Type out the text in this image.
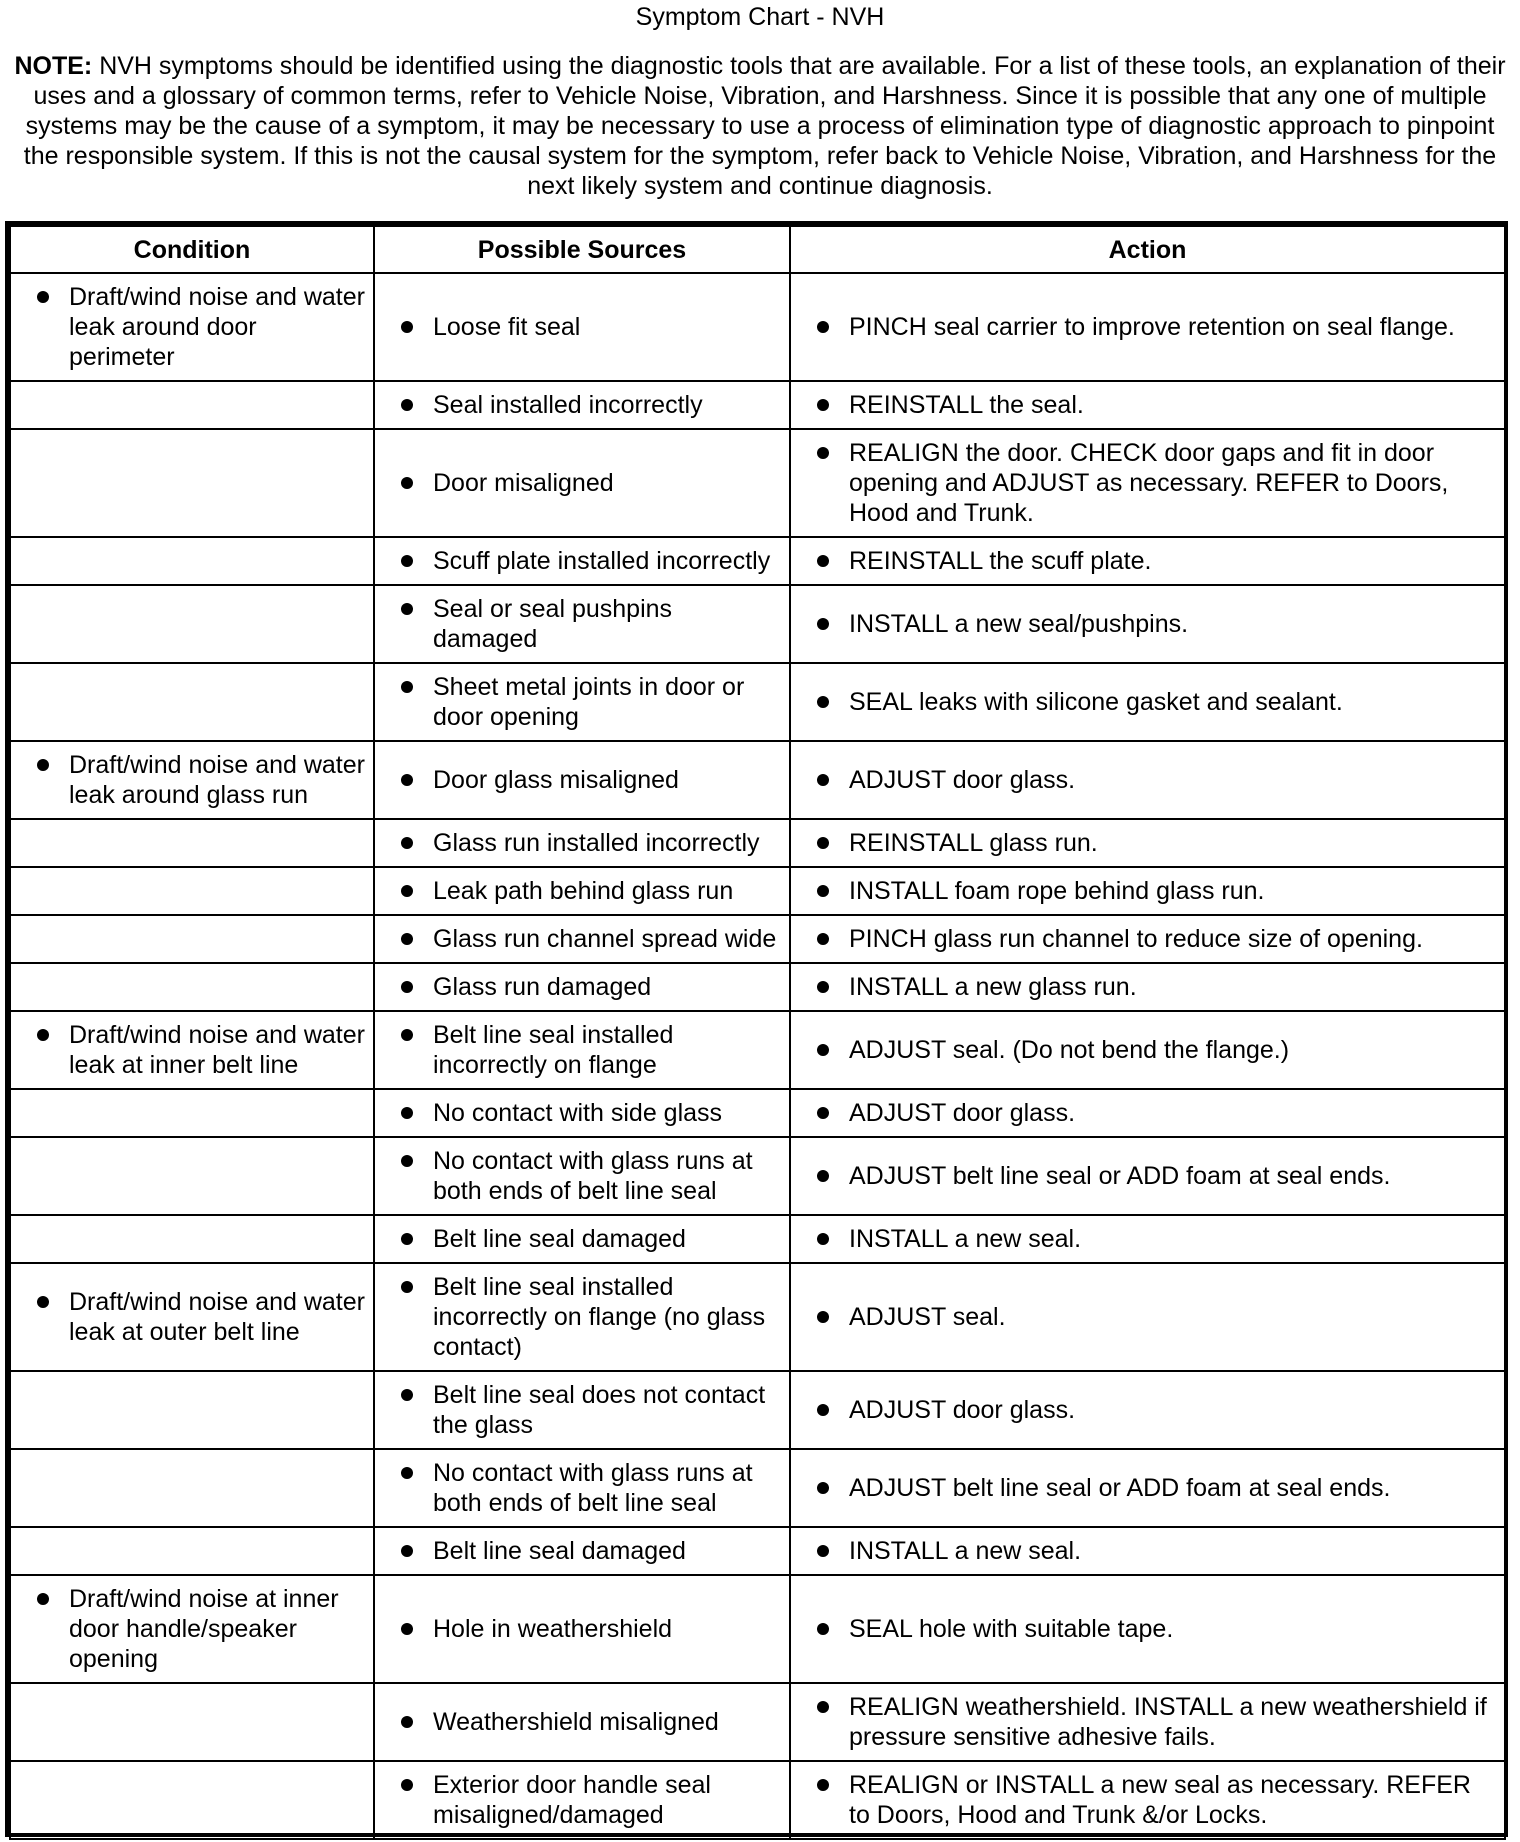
Symptom Chart - NVH
NOTE: NVH symptoms should be identified using the diagnostic tools that are available. For a list of these tools, an explanation of their uses and a glossary of common terms, refer to Vehicle Noise, Vibration, and Harshness. Since it is possible that any one of multiple systems may be the cause of a symptom, it may be necessary to use a process of elimination type of diagnostic approach to pinpoint the responsible system. If this is not the causal system for the symptom, refer back to Vehicle Noise, Vibration, and Harshness for the next likely system and continue diagnosis.
Condition	Possible Sources	Action

Draft/wind noise and water leak around door perimeter	Loose fit seal	PINCH seal carrier to improve retention on seal flange.

	Seal installed incorrectly	REINSTALL the seal.

	Door misaligned	REALIGN the door. CHECK door gaps and fit in door opening and ADJUST as necessary. REFER to Doors, Hood and Trunk.

	Scuff plate installed incorrectly	REINSTALL the scuff plate.

	Seal or seal pushpins damaged	INSTALL a new seal/pushpins.

	Sheet metal joints in door or door opening	SEAL leaks with silicone gasket and sealant.

Draft/wind noise and water leak around glass run	Door glass misaligned	ADJUST door glass.

	Glass run installed incorrectly	REINSTALL glass run.

	Leak path behind glass run	INSTALL foam rope behind glass run.

	Glass run channel spread wide	PINCH glass run channel to reduce size of opening.

	Glass run damaged	INSTALL a new glass run.

Draft/wind noise and water leak at inner belt line	Belt line seal installed incorrectly on flange	ADJUST seal. (Do not bend the flange.)

	No contact with side glass	ADJUST door glass.

	No contact with glass runs at both ends of belt line seal	ADJUST belt line seal or ADD foam at seal ends.

	Belt line seal damaged	INSTALL a new seal.

Draft/wind noise and water leak at outer belt line	Belt line seal installed incorrectly on flange (no glass contact)	ADJUST seal.

	Belt line seal does not contact the glass	ADJUST door glass.

	No contact with glass runs at both ends of belt line seal	ADJUST belt line seal or ADD foam at seal ends.

	Belt line seal damaged	INSTALL a new seal.

Draft/wind noise at inner door handle/speaker opening	Hole in weathershield	SEAL hole with suitable tape.

	Weathershield misaligned	REALIGN weathershield. INSTALL a new weathershield if pressure sensitive adhesive fails.

	Exterior door handle seal misaligned/damaged	REALIGN or INSTALL a new seal as necessary. REFER to Doors, Hood and Trunk &/or Locks.
